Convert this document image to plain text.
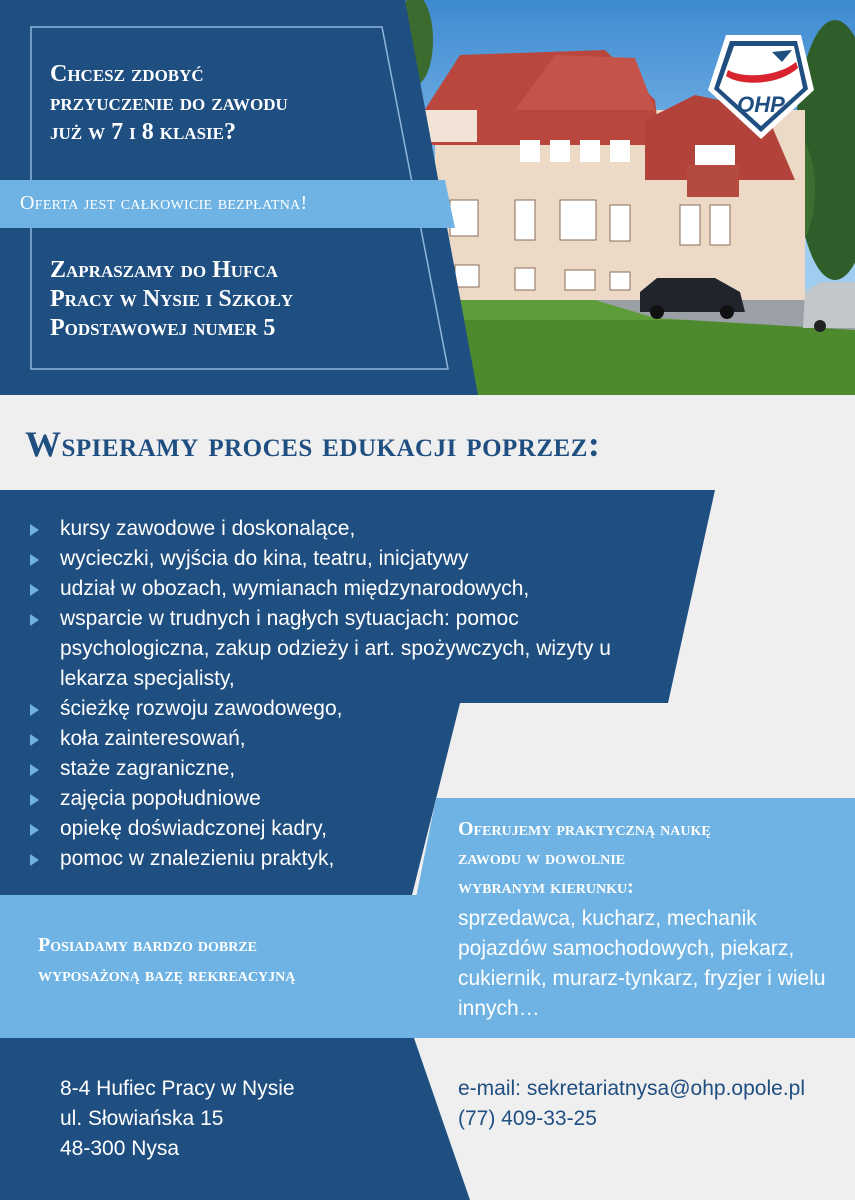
Chcesz zdobyć
przyuczenie do zawodu
już w 7 i 8 klasie?
Oferta jest całkowicie bezpłatna!
Zapraszamy do Hufca
Pracy w Nysie i Szkoły
Podstawowej numer 5
OHP
Wspieramy proces edukacji poprzez:
kursy zawodowe i doskonalące,
wycieczki, wyjścia do kina, teatru, inicjatywy
udział w obozach, wymianach międzynarodowych,
wsparcie w trudnych i nagłych sytuacjach: pomoc psychologiczna, zakup odzieży i art. spożywczych, wizyty u lekarza specjalisty,
ścieżkę rozwoju zawodowego,
koła zainteresowań,
staże zagraniczne,
zajęcia popołudniowe
opiekę doświadczonej kadry,
pomoc w znalezieniu praktyk,
Posiadamy bardzo dobrze
wyposażoną bazę rekreacyjną
Oferujemy praktyczną naukę
zawodu w dowolnie
wybranym kierunku:
sprzedawca, kucharz, mechanik pojazdów samochodowych, piekarz, cukiernik, murarz-tynkarz, fryzjer i wielu innych…
8-4 Hufiec Pracy w Nysie
ul. Słowiańska 15
48-300 Nysa
e-mail: sekretariatnysa@ohp.opole.pl
(77) 409-33-25
